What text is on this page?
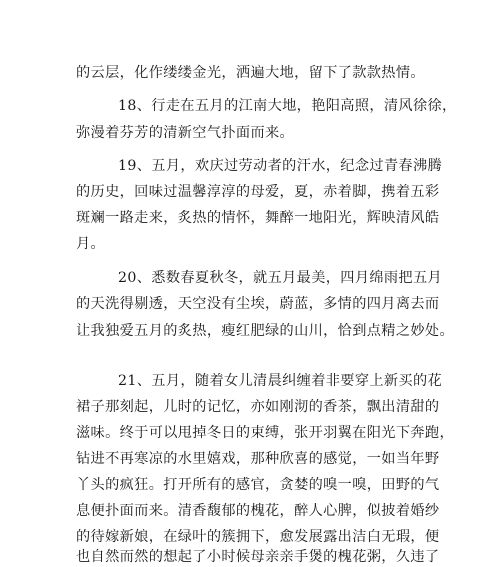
的云层，化作缕缕金光，洒遍大地，留下了款款热情。
18、行走在五月的江南大地，艳阳高照，清风徐徐，
弥漫着芬芳的清新空气扑面而来。
19、五月，欢庆过劳动者的汗水，纪念过青春沸腾
的历史，回味过温馨淳淳的母爱，夏，赤着脚，携着五彩
斑斓一路走来，炙热的情怀，舞醉一地阳光，辉映清风皓
月。
20、悉数春夏秋冬，就五月最美，四月绵雨把五月
的天洗得剔透，天空没有尘埃，蔚蓝，多情的四月离去而
让我独爱五月的炙热，瘦红肥绿的山川，恰到点精之妙处。
21、五月，随着女儿清晨纠缠着非要穿上新买的花
裙子那刻起，儿时的记忆，亦如刚沏的香茶，飘出清甜的
滋味。终于可以甩掉冬日的束缚，张开羽翼在阳光下奔跑，
钻进不再寒凉的水里嬉戏，那种欣喜的感觉，一如当年野
丫头的疯狂。打开所有的感官，贪婪的嗅一嗅，田野的气
息便扑面而来。清香馥郁的槐花，醉人心脾，似披着婚纱
的待嫁新娘，在绿叶的簇拥下，愈发展露出洁白无瑕，便
也自然而然的想起了小时候母亲亲手煲的槐花粥，久违了
